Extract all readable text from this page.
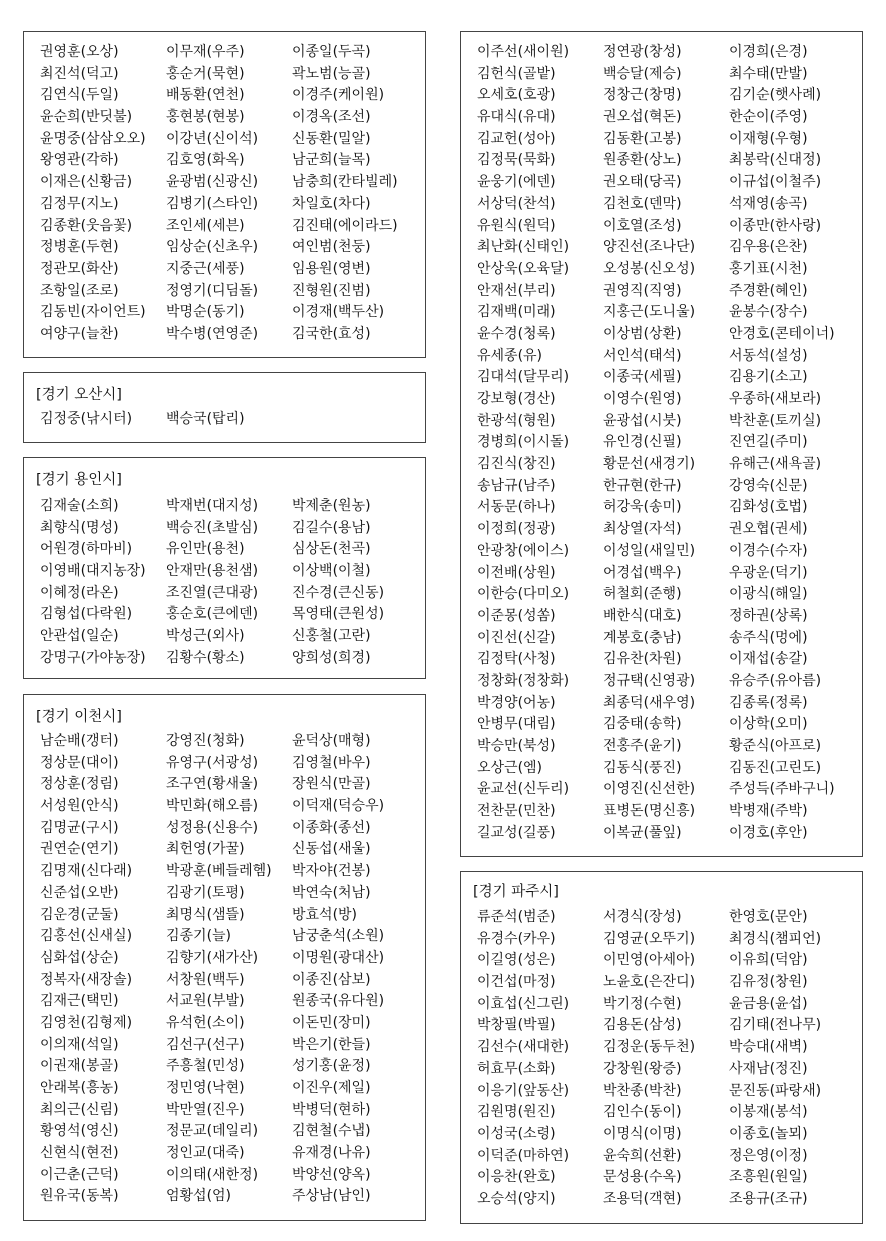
권영훈(오상)	이무재(우주)	이종일(두곡)
최진석(덕고)	홍순거(묵현)	곽노범(능골)
김연식(두일)	배동환(연천)	이경주(케이원)
윤순희(반딧불)	홍현봉(현봉)	이경옥(조선)
윤명중(삼삼오오)	이강년(신이석)	신동환(밀알)
왕영관(각하)	김호영(화옥)	남군희(늘목)
이재은(신황금)	윤광범(신광신)	남충희(칸타빌레)
김정무(지노)	김병기(스타인)	차일호(차다)
김종환(웃음꽃)	조인세(세븐)	김진태(에이라드)
정병훈(두현)	임상순(신초우)	여인범(천둥)
정관모(화산)	지중근(세풍)	임용원(영변)
조항일(조로)	정영기(디딤돌)	진형원(진범)
김동빈(자이언트)	박명순(동기)	이경재(백두산)
여양구(늘찬)	박수병(연영준)	김국한(효성)
[경기 오산시]
김정중(낚시터)	백승국(탑리)
[경기 용인시]
김재술(소희)	박재번(대지성)	박제춘(원농)
최향식(명성)	백승진(초발심)	김길수(용남)
어원경(하마비)	유인만(용천)	심상돈(천곡)
이영배(대지농장)	안재만(용천샘)	이상백(이철)
이혜정(라온)	조진열(큰대광)	진수경(큰신동)
김형섭(다락원)	홍순호(큰에덴)	목영태(큰원성)
안관섭(일순)	박성근(외사)	신홍철(고란)
강명구(가야농장)	김황수(황소)	양희성(희경)
[경기 이천시]
남순배(갱터)	강영진(청화)	윤덕상(매형)
정상문(대이)	유영구(서광성)	김영철(바우)
정상훈(정림)	조구연(황새울)	장원식(만골)
서성원(안식)	박민화(해오름)	이덕재(덕승우)
김명균(구시)	성정용(신용수)	이종화(종선)
권연순(연기)	최헌영(가꿀)	신동섭(새울)
김명재(신다래)	박광훈(베들레헴)	박자야(건봉)
신준섭(오반)	김광기(토평)	박연숙(처남)
김운경(군둘)	최명식(샘뜰)	방효석(방)
김홍선(신새실)	김종기(늘)	남궁춘석(소원)
심화섭(상순)	김향기(새가산)	이명원(광대산)
정복자(새장솔)	서창원(백두)	이종진(삼보)
김재근(택민)	서교원(부발)	원종국(유다원)
김영천(김형제)	유석헌(소이)	이돈민(장미)
이의재(석일)	김선구(선구)	박은기(한들)
이권재(봉골)	주흥철(민성)	성기홍(윤정)
안래복(흥농)	정민영(낙현)	이진우(제일)
최의근(신림)	박만열(진우)	박병덕(현하)
황영석(영신)	정문교(데일리)	김현철(수냅)
신현식(현전)	정인교(대죽)	유재경(나유)
이근춘(근덕)	이의태(새한정)	박양선(양옥)
원유국(동복)	엄황섭(엄)	주상남(남인)
이주선(새이원)	정연광(창성)	이경희(은경)
김헌식(골밭)	백승달(제승)	최수태(만발)
오세호(호광)	정창근(창명)	김기순(햇사례)
유대식(유대)	권오섭(혁돈)	한순이(주영)
김교헌(성아)	김동환(고봉)	이재형(우형)
김정묵(묵화)	원종환(상노)	최봉락(신대정)
윤웅기(에덴)	권오태(당곡)	이규섭(이철주)
서상덕(찬석)	김천호(덴막)	석재영(송곡)
유원식(원덕)	이호열(조성)	이종만(한사랑)
최난화(신태인)	양진선(조나단)	김우용(은찬)
안상욱(오육달)	오성봉(신오성)	홍기표(시천)
안재선(부리)	권영직(직영)	주경환(혜인)
김재백(미래)	지홍근(도니울)	윤봉수(장수)
윤수경(청록)	이상범(상환)	안경호(콘테이너)
유세종(유)	서인석(태석)	서동석(설성)
김대석(달무리)	이종국(세필)	김용기(소고)
강보형(경산)	이영수(원영)	우종하(새보라)
한광석(형원)	윤광섭(시붓)	박찬훈(토끼실)
경병희(이시돌)	유인경(신필)	진연길(주미)
김진식(창진)	황문선(새경기)	유해근(새욕골)
송남규(남주)	한규현(한규)	강영숙(신문)
서동문(하나)	허강욱(송미)	김화성(호법)
이정희(정광)	최상열(자석)	권오협(권세)
안광창(에이스)	이성일(새일민)	이경수(수자)
이전배(상원)	어경섭(백우)	우광운(덕기)
이한승(다미오)	허철회(준행)	이광식(해일)
이준몽(성쏨)	배한식(대호)	정하권(상록)
이진선(신갈)	계봉호(충남)	송주식(멍에)
김정탁(사청)	김유찬(차원)	이재섭(송갈)
정창화(정창화)	정규택(신영광)	유승주(유아름)
박경양(어농)	최종덕(새우영)	김종록(정록)
안병무(대림)	김중태(송학)	이상학(오미)
박승만(북성)	전홍주(윤기)	황준식(아프로)
오상근(엠)	김동식(풍진)	김동진(고린도)
윤교선(신두리)	이영진(신선한)	주성득(주바구니)
전찬문(민찬)	표병돈(명신흥)	박병재(주박)
길교성(길풍)	이복균(풀잎)	이경호(후안)
[경기 파주시]
류준석(범준)	서경식(장성)	한영호(문안)
유경수(카우)	김영균(오뚜기)	최경식(챔피언)
이길영(성은)	이민영(아세아)	이유희(덕암)
이건섭(마정)	노윤호(은잔디)	김유정(창원)
이효섭(신그린)	박기정(수현)	윤금용(윤섭)
박창필(박필)	김용돈(삼성)	김기태(전나무)
김선수(새대한)	김정운(동두천)	박승대(새벽)
허효무(소화)	강창원(왕증)	사재남(정진)
이응기(앞동산)	박찬종(박찬)	문진동(파랑새)
김원명(원진)	김인수(동이)	이봉재(봉석)
이성국(소령)	이명식(이명)	이종호(놀뫼)
이덕준(마하연)	윤숙희(선환)	정은영(이정)
이응찬(완호)	문성용(수옥)	조흥원(원일)
오승석(양지)	조용덕(객현)	조용규(조규)
